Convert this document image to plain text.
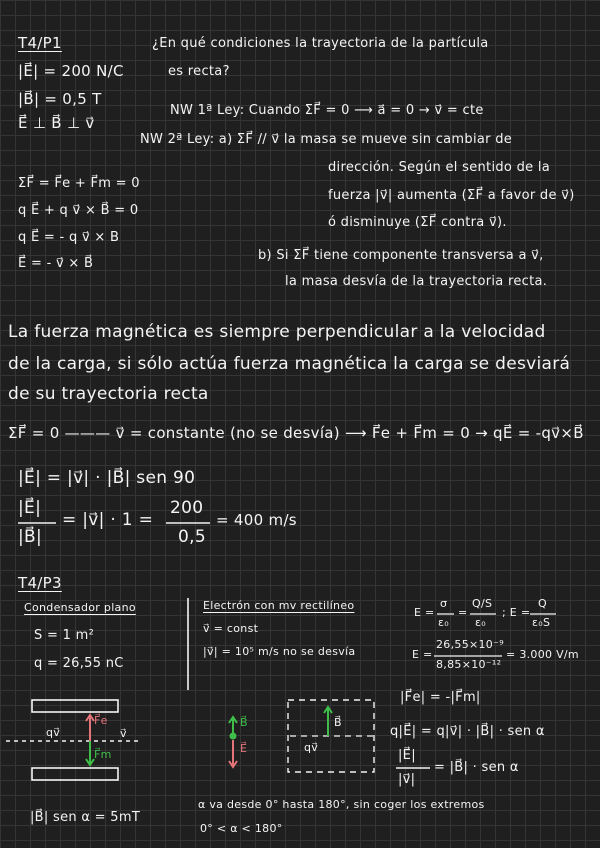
T4/P1
|E⃗| = 200 N/C
|B⃗| = 0,5 T
E⃗ ⊥ B⃗ ⊥ v⃗
¿En qué condiciones la trayectoria de la partícula
es recta?
NW 1ª Ley: Cuando ΣF⃗ = 0 ⟶ a⃗ = 0 → v⃗ = cte
NW 2ª Ley: a) ΣF⃗ // v⃗ la masa se mueve sin cambiar de
dirección. Según el sentido de la
fuerza |v⃗| aumenta (ΣF⃗ a favor de v⃗)
ó disminuye (ΣF⃗ contra v⃗).
b) Si ΣF⃗ tiene componente transversa a v⃗,
la masa desvía de la trayectoria recta.
ΣF⃗ = F⃗e + F⃗m = 0
q E⃗ + q v⃗ × B⃗ = 0
q E⃗ = - q v⃗ × B
E⃗ = - v⃗ × B⃗
La fuerza magnética es siempre perpendicular a la velocidad
de la carga, si sólo actúa fuerza magnética la carga se desviará
de su trayectoria recta
ΣF⃗ = 0 ——— v⃗ = constante (no se desvía) ⟶ F⃗e + F⃗m = 0 → qE⃗ = -qv⃗×B⃗
|E⃗| = |v⃗| · |B⃗| sen 90
|E⃗|
|B⃗|
= |v⃗| · 1 =
200
0,5
= 400 m/s
T4/P3
Condensador plano
S = 1 m²
q = 26,55 nC
Electrón con mv rectilíneo
v⃗ = const
|v⃗| = 10⁵ m/s no se desvía
E =
σ
ε₀
=
Q/S
ε₀
; E =
Q
ε₀S
E =
26,55×10⁻⁹
8,85×10⁻¹²
= 3.000 V/m
|F⃗e| = -|F⃗m|
q|E⃗| = q|v⃗| · |B⃗| · sen α
|E⃗|
|v⃗|
= |B⃗| · sen α
|B⃗| sen α = 5mT
α va desde 0° hasta 180°, sin coger los extremos
0° < α < 180°
qv⃗
F⃗e
v⃗
F⃗m
B⃗
E⃗
B⃗
qv⃗
